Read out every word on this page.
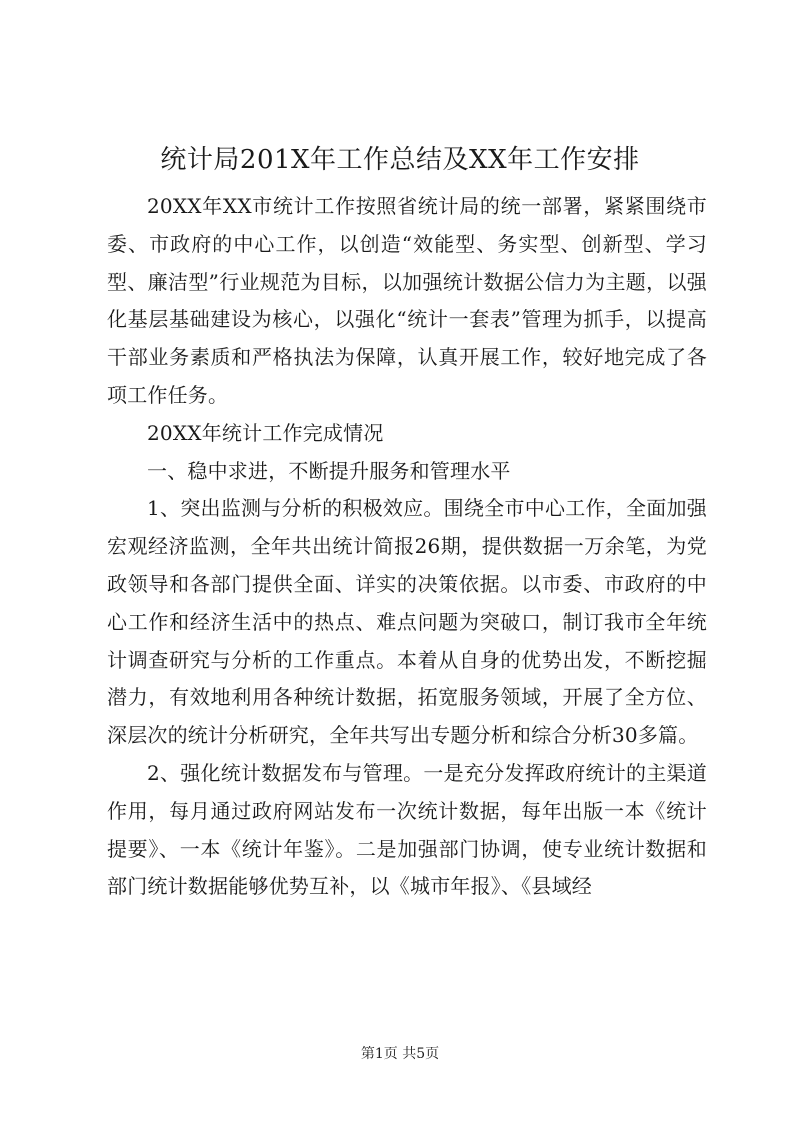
统计局201X年工作总结及XX年工作安排

20XX年XX市统计工作按照省统计局的统一部署，紧紧围绕市委、市政府的中心工作，以创造“效能型、务实型、创新型、学习型、廉洁型”行业规范为目标，以加强统计数据公信力为主题，以强化基层基础建设为核心，以强化“统计一套表”管理为抓手，以提高干部业务素质和严格执法为保障，认真开展工作，较好地完成了各项工作任务。

20XX年统计工作完成情况

一、稳中求进，不断提升服务和管理水平

1、突出监测与分析的积极效应。围绕全市中心工作，全面加强宏观经济监测，全年共出统计简报26期，提供数据一万余笔，为党政领导和各部门提供全面、详实的决策依据。以市委、市政府的中心工作和经济生活中的热点、难点问题为突破口，制订我市全年统计调查研究与分析的工作重点。本着从自身的优势出发，不断挖掘潜力，有效地利用各种统计数据，拓宽服务领域，开展了全方位、深层次的统计分析研究，全年共写出专题分析和综合分析30多篇。

2、强化统计数据发布与管理。一是充分发挥政府统计的主渠道作用，每月通过政府网站发布一次统计数据，每年出版一本《统计提要》、一本《统计年鉴》。二是加强部门协调，使专业统计数据和部门统计数据能够优势互补，以《城市年报》、《县域经

第1页 共5页
